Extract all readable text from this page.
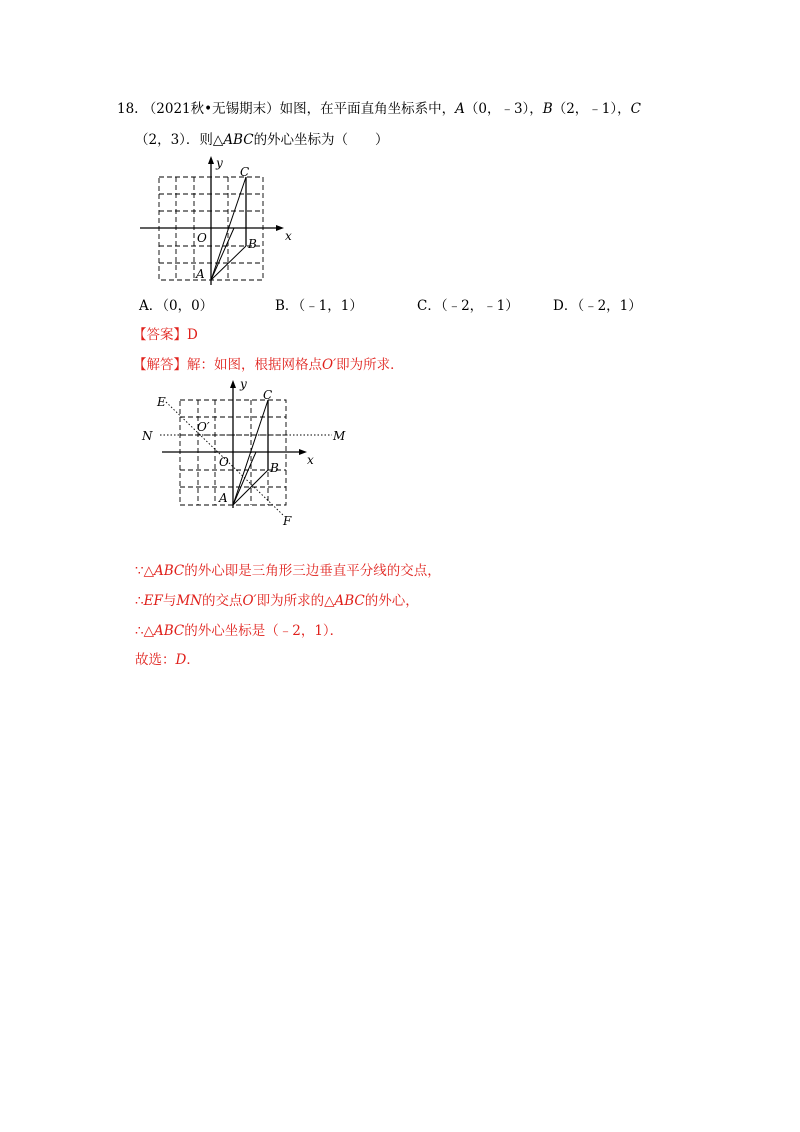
18. （2021秋•无锡期末）如图，在平面直角坐标系中，A（0，﹣3），B（2，﹣1），C
（2，3）．则△ABC的外心坐标为（　　）
y
x
O
A
B
C
A．（0，0）	B．（﹣1，1）	C．（﹣2，﹣1）	D．（﹣2，1）
【答案】D
【解答】解：如图，根据网格点O′即为所求．
y
x
O
O′
A
B
C
E
F
N	M
∵△ABC的外心即是三角形三边垂直平分线的交点，
∴EF与MN的交点O′即为所求的△ABC的外心，
∴△ABC的外心坐标是（﹣2，1）．
故选：D．
